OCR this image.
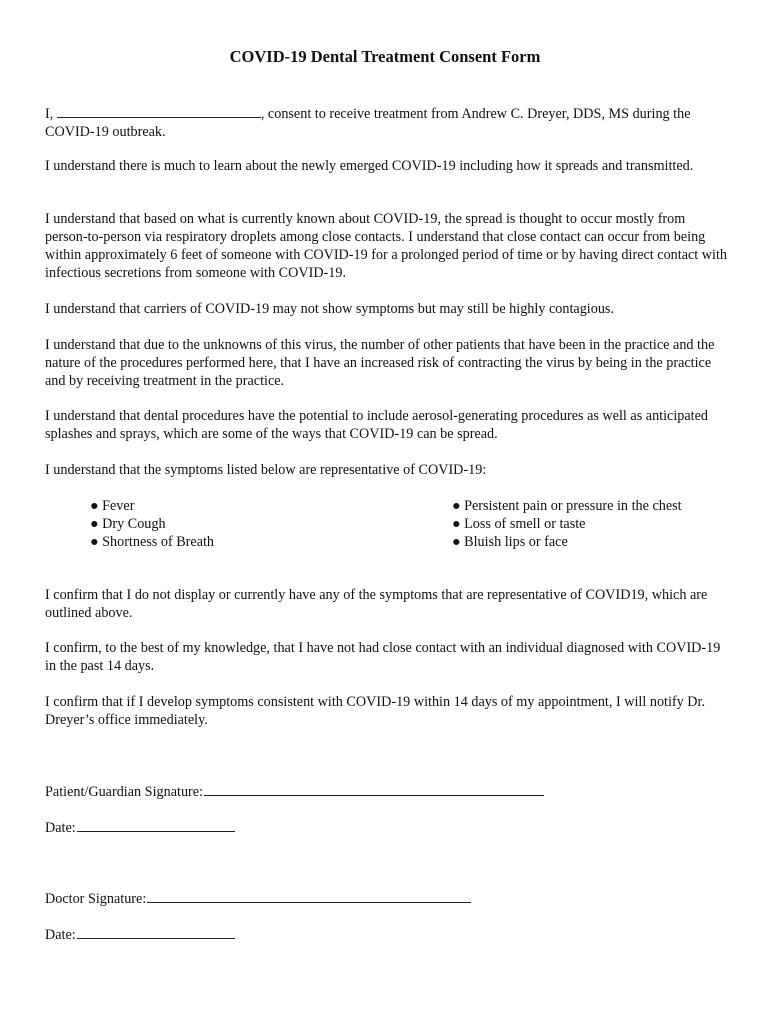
COVID-19 Dental Treatment Consent Form

I,	, consent to receive treatment from Andrew C. Dreyer, DDS, MS during the COVID-19 outbreak.

I understand there is much to learn about the newly emerged COVID-19 including how it spreads and transmitted.

I understand that based on what is currently known about COVID-19, the spread is thought to occur mostly from person-to-person via respiratory droplets among close contacts. I understand that close contact can occur from being within approximately 6 feet of someone with COVID-19 for a prolonged period of time or by having direct contact with infectious secretions from someone with COVID-19.

I understand that carriers of COVID-19 may not show symptoms but may still be highly contagious.

I understand that due to the unknowns of this virus, the number of other patients that have been in the practice and the nature of the procedures performed here, that I have an increased risk of contracting the virus by being in the practice and by receiving treatment in the practice.

I understand that dental procedures have the potential to include aerosol-generating procedures as well as anticipated splashes and sprays, which are some of the ways that COVID-19 can be spread.

I understand that the symptoms listed below are representative of COVID-19:

● Fever
● Dry Cough
● Shortness of Breath
● Persistent pain or pressure in the chest
● Loss of smell or taste
● Bluish lips or face

I confirm that I do not display or currently have any of the symptoms that are representative of COVID19, which are outlined above.

I confirm, to the best of my knowledge, that I have not had close contact with an individual diagnosed with COVID-19 in the past 14 days.

I confirm that if I develop symptoms consistent with COVID-19 within 14 days of my appointment, I will notify Dr. Dreyer’s office immediately.

Patient/Guardian Signature:
Date:
Doctor Signature:
Date:
